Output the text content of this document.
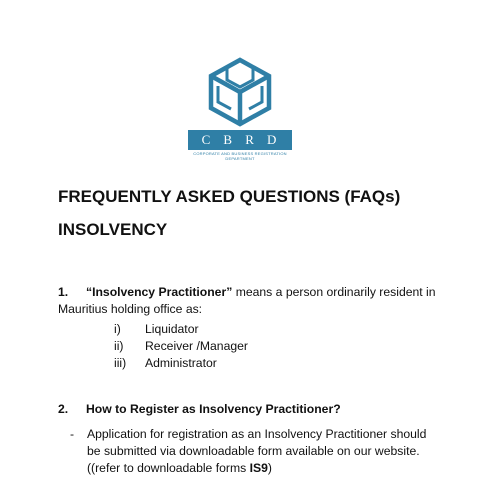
C B R D
CORPORATE AND BUSINESS REGISTRATION DEPARTMENT
FREQUENTLY ASKED QUESTIONS (FAQs)
INSOLVENCY
1. “Insolvency Practitioner” means a person ordinarily resident in
Mauritius holding office as:
i)	Liquidator
ii)	Receiver /Manager
iii)	Administrator
2. How to Register as Insolvency Practitioner?
-	Application for registration as an Insolvency Practitioner should
be submitted via downloadable form available on our website.
((refer to downloadable forms IS9)
